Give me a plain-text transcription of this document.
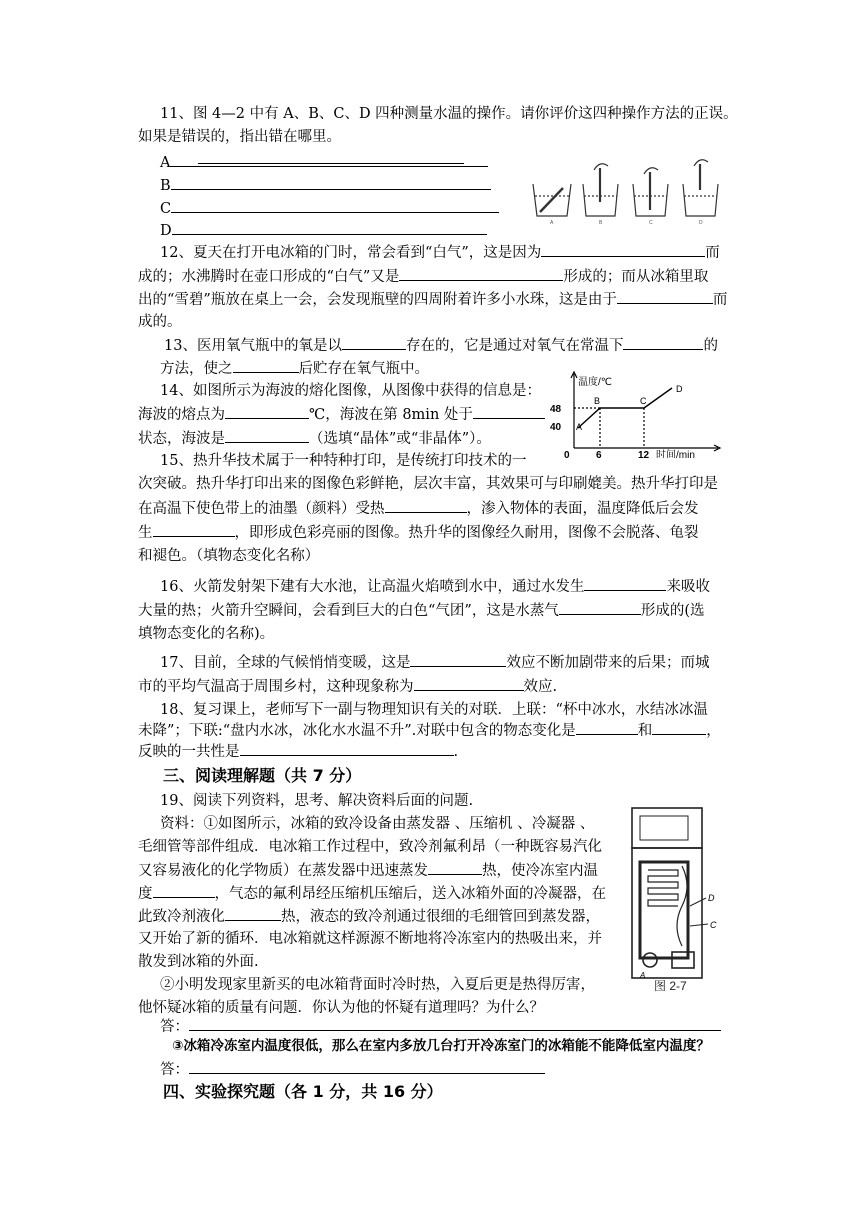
11、图 4—2 中有 A、B、C、D 四种测量水温的操作。请你评价这四种操作方法的正误。
如果是错误的，指出错在哪里。
A
B
C
D	A	B	C	D
12、夏天在打开电冰箱的门时，常会看到“白气”，这是因为	而
成的；水沸腾时在壶口形成的“白气”又是	形成的；而从冰箱里取
出的“雪碧”瓶放在桌上一会，会发现瓶壁的四周附着许多小水珠，这是由于	而
成的。
13、医用氧气瓶中的氧是以	存在的，它是通过对氧气在常温下	的
方法，使之	后贮存在氧气瓶中。
14、如图所示为海波的熔化图像，从图像中获得的信息是：
海波的熔点为	℃，海波在第 8min 处于
状态，海波是	（选填“晶体”或“非晶体”）。
温度/℃
48
40
0	6	12 时间/min
A
B	C
D
15、热升华技术属于一种特种打印，是传统打印技术的一
次突破。热升华打印出来的图像色彩鲜艳，层次丰富，其效果可与印刷媲美。热升华打印是
在高温下使色带上的油墨（颜料）受热	，渗入物体的表面，温度降低后会发
生	，即形成色彩亮丽的图像。热升华的图像经久耐用，图像不会脱落、龟裂
和褪色。（填物态变化名称）
16、火箭发射架下建有大水池，让高温火焰喷到水中，通过水发生	来吸收
大量的热；火箭升空瞬间，会看到巨大的白色“气团”，这是水蒸气	形成的(选
填物态变化的名称)。
17、目前，全球的气候悄悄变暖，这是	效应不断加剧带来的后果；而城
市的平均气温高于周围乡村，这种现象称为	效应.
18、复习课上，老师写下一副与物理知识有关的对联．上联：“杯中冰水，水结冰冰温
未降”；下联:“盘内水冰，冰化水水温不升”.对联中包含的物态变化是	和	，
反映的一共性是	.
三、阅读理解题（共 7 分）
19、阅读下列资料，思考、解决资料后面的问题.
资料：①如图所示，冰箱的致冷设备由蒸发器 、压缩机 、冷凝器 、
毛细管等部件组成．电冰箱工作过程中，致冷剂氟利昂（一种既容易汽化
又容易液化的化学物质）在蒸发器中迅速蒸发	热，使冷冻室内温
度	，气态的氟利昂经压缩机压缩后，送入冰箱外面的冷凝器，在
此致冷剂液化	热，液态的致冷剂通过很细的毛细管回到蒸发器，
又开始了新的循环．电冰箱就这样源源不断地将冷冻室内的热吸出来，并
散发到冰箱的外面.
②小明发现家里新买的电冰箱背面时冷时热，入夏后更是热得厉害，
他怀疑冰箱的质量有问题．你认为他的怀疑有道理吗？为什么？
D
C
A
图 2-7
答：
③冰箱冷冻室内温度很低，那么在室内多放几台打开冷冻室门的冰箱能不能降低室内温度？
答：
四、实验探究题（各 1 分，共 16 分）
